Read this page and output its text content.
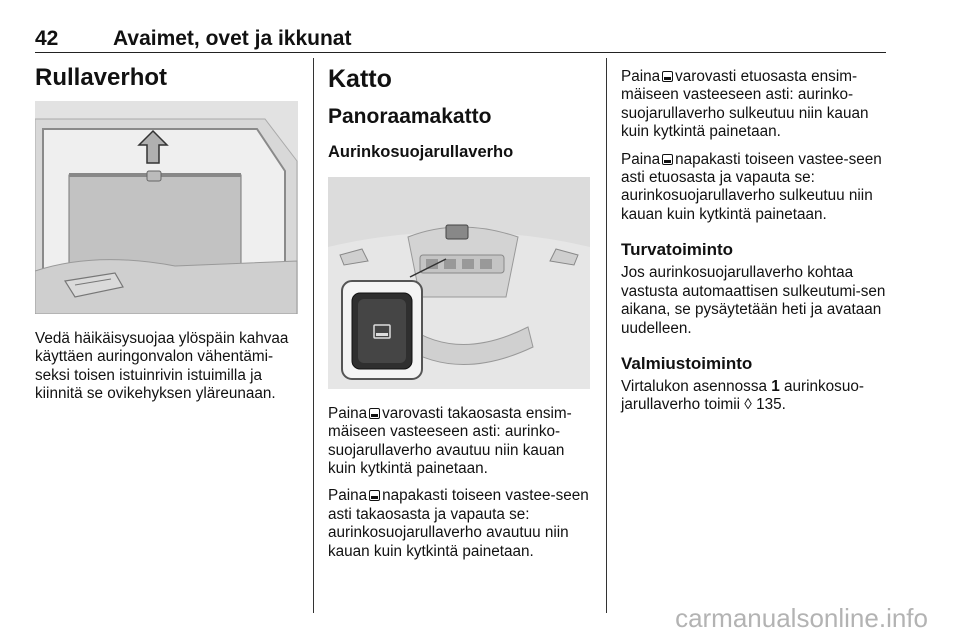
42	Avaimet, ovet ja ikkunat
Rullaverhot

Vedä häikäisysuojaa ylöspäin kahvaa käyttäen auringonvalon vähentämi-seksi toisen istuinrivin istuimilla ja kiinnitä se ovikehyksen yläreunaan.

Katto
Panoraamakatto
Aurinkosuojarullaverho

Paina varovasti takaosasta ensim-mäiseen vasteeseen asti: aurinko-suojarullaverho avautuu niin kauan kuin kytkintä painetaan.

Paina napakasti toiseen vastee-seen asti takaosasta ja vapauta se: aurinkosuojarullaverho avautuu niin kauan kuin kytkintä painetaan.

Paina varovasti etuosasta ensim-mäiseen vasteeseen asti: aurinko-suojarullaverho sulkeutuu niin kauan kuin kytkintä painetaan.

Paina napakasti toiseen vastee-seen asti etuosasta ja vapauta se: aurinkosuojarullaverho sulkeutuu niin kauan kuin kytkintä painetaan.

Turvatoiminto

Jos aurinkosuojarullaverho kohtaa vastusta automaattisen sulkeutumi-sen aikana, se pysäytetään heti ja avataan uudelleen.

Valmiustoiminto

Virtalukon asennossa 1 aurinkosuo-jarullaverho toimii ◊ 135.

carmanualsonline.info
